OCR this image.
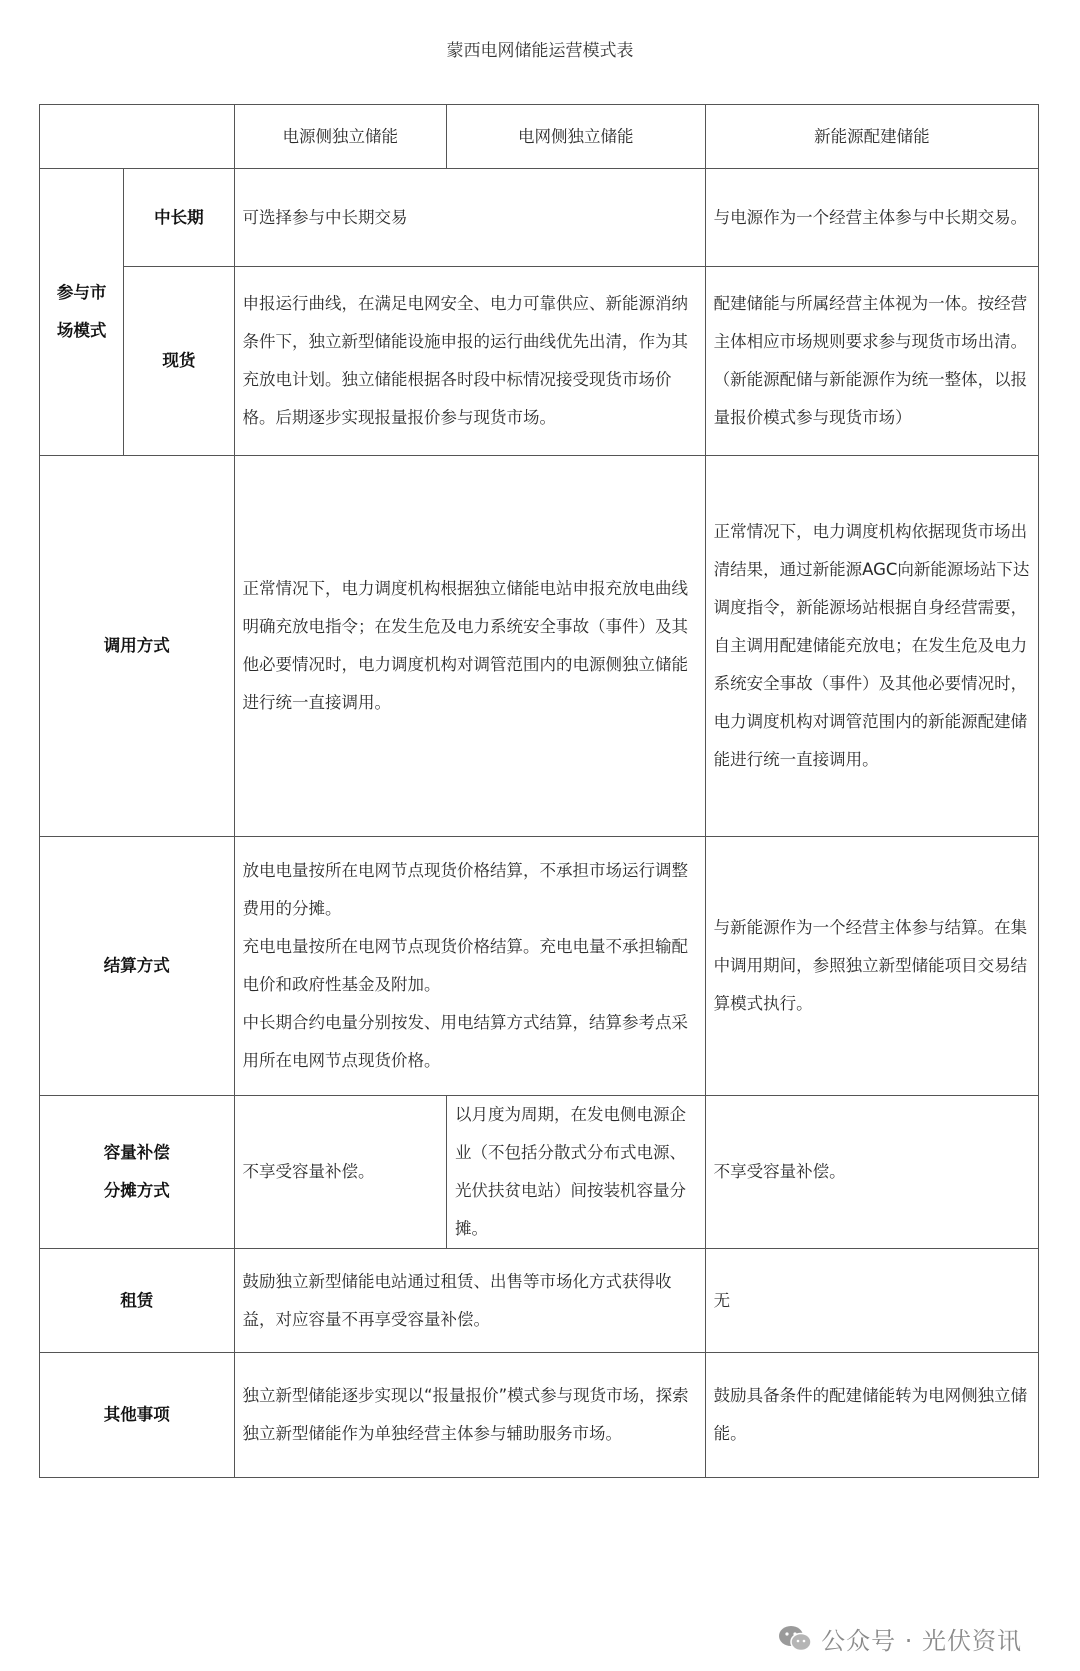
蒙西电网储能运营模式表
		电源侧独立储能	电网侧独立储能	新能源配建储能

参与市
场模式	中长期	可选择参与中长期交易		与电源作为一个经营主体参与中长期交易。
	现货	申报运行曲线，在满足电网安全、电力可靠供应、新能源消纳条件下，独立新型储能设施申报的运行曲线优先出清，作为其充放电计划。独立储能根据各时段中标情况接受现货市场价格。后期逐步实现报量报价参与现货市场。		配建储能与所属经营主体视为一体。按经营主体相应市场规则要求参与现货市场出清。（新能源配储与新能源作为统一整体，以报量报价模式参与现货市场）
调用方式		正常情况下，电力调度机构根据独立储能电站申报充放电曲线明确充放电指令；在发生危及电力系统安全事故（事件）及其他必要情况时，电力调度机构对调管范围内的电源侧独立储能进行统一直接调用。		正常情况下，电力调度机构依据现货市场出清结果，通过新能源AGC向新能源场站下达调度指令，新能源场站根据自身经营需要，自主调用配建储能充放电；在发生危及电力系统安全事故（事件）及其他必要情况时，电力调度机构对调管范围内的新能源配建储能进行统一直接调用。
结算方式		放电电量按所在电网节点现货价格结算，不承担市场运行调整费用的分摊。
充电电量按所在电网节点现货价格结算。充电电量不承担输配电价和政府性基金及附加。
中长期合约电量分别按发、用电结算方式结算，结算参考点采用所在电网节点现货价格。		与新能源作为一个经营主体参与结算。在集中调用期间，参照独立新型储能项目交易结算模式执行。

容量补偿
分摊方式		不享受容量补偿。	以月度为周期，在发电侧电源企业（不包括分散式分布式电源、光伏扶贫电站）间按装机容量分摊。	不享受容量补偿。
租赁		鼓励独立新型储能电站通过租赁、出售等市场化方式获得收益，对应容量不再享受容量补偿。		无
其他事项		独立新型储能逐步实现以“报量报价”模式参与现货市场，探索独立新型储能作为单独经营主体参与辅助服务市场。		鼓励具备条件的配建储能转为电网侧独立储能。
公众号 · 光伏资讯
